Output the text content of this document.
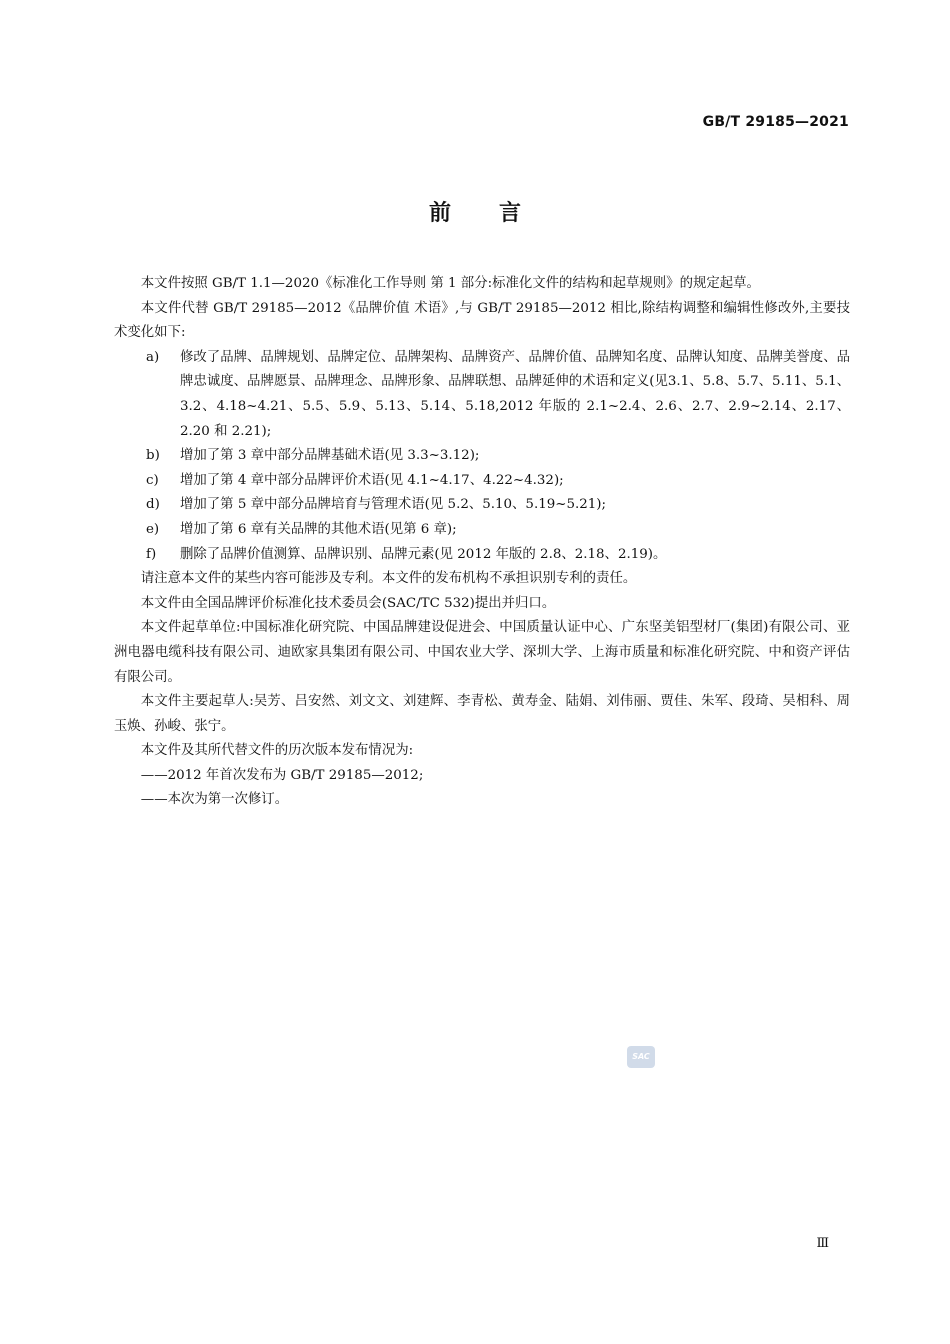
GB/T 29185—2021
前言

本文件按照 GB/T 1.1—2020《标准化工作导则 第 1 部分:标准化文件的结构和起草规则》的规定起草。

本文件代替 GB/T 29185—2012《品牌价值 术语》,与 GB/T 29185—2012 相比,除结构调整和编辑性修改外,主要技术变化如下:

a) 修改了品牌、品牌规划、品牌定位、品牌架构、品牌资产、品牌价值、品牌知名度、品牌认知度、品牌美誉度、品牌忠诚度、品牌愿景、品牌理念、品牌形象、品牌联想、品牌延伸的术语和定义(见3.1、5.8、5.7、5.11、5.1、3.2、4.18~4.21、5.5、5.9、5.13、5.14、5.18,2012 年版的 2.1~2.4、2.6、2.7、2.9~2.14、2.17、2.20 和 2.21);

b) 增加了第 3 章中部分品牌基础术语(见 3.3~3.12);

c) 增加了第 4 章中部分品牌评价术语(见 4.1~4.17、4.22~4.32);

d) 增加了第 5 章中部分品牌培育与管理术语(见 5.2、5.10、5.19~5.21);

e) 增加了第 6 章有关品牌的其他术语(见第 6 章);

f) 删除了品牌价值测算、品牌识别、品牌元素(见 2012 年版的 2.8、2.18、2.19)。

请注意本文件的某些内容可能涉及专利。本文件的发布机构不承担识别专利的责任。

本文件由全国品牌评价标准化技术委员会(SAC/TC 532)提出并归口。

本文件起草单位:中国标准化研究院、中国品牌建设促进会、中国质量认证中心、广东坚美铝型材厂(集团)有限公司、亚洲电器电缆科技有限公司、迪欧家具集团有限公司、中国农业大学、深圳大学、上海市质量和标准化研究院、中和资产评估有限公司。

本文件主要起草人:吴芳、吕安然、刘文文、刘建辉、李青松、黄寿金、陆娟、刘伟丽、贾佳、朱军、段琦、吴相科、周玉焕、孙峻、张宁。

本文件及其所代替文件的历次版本发布情况为:

——2012 年首次发布为 GB/T 29185—2012;

——本次为第一次修订。

SAC
Ⅲ
